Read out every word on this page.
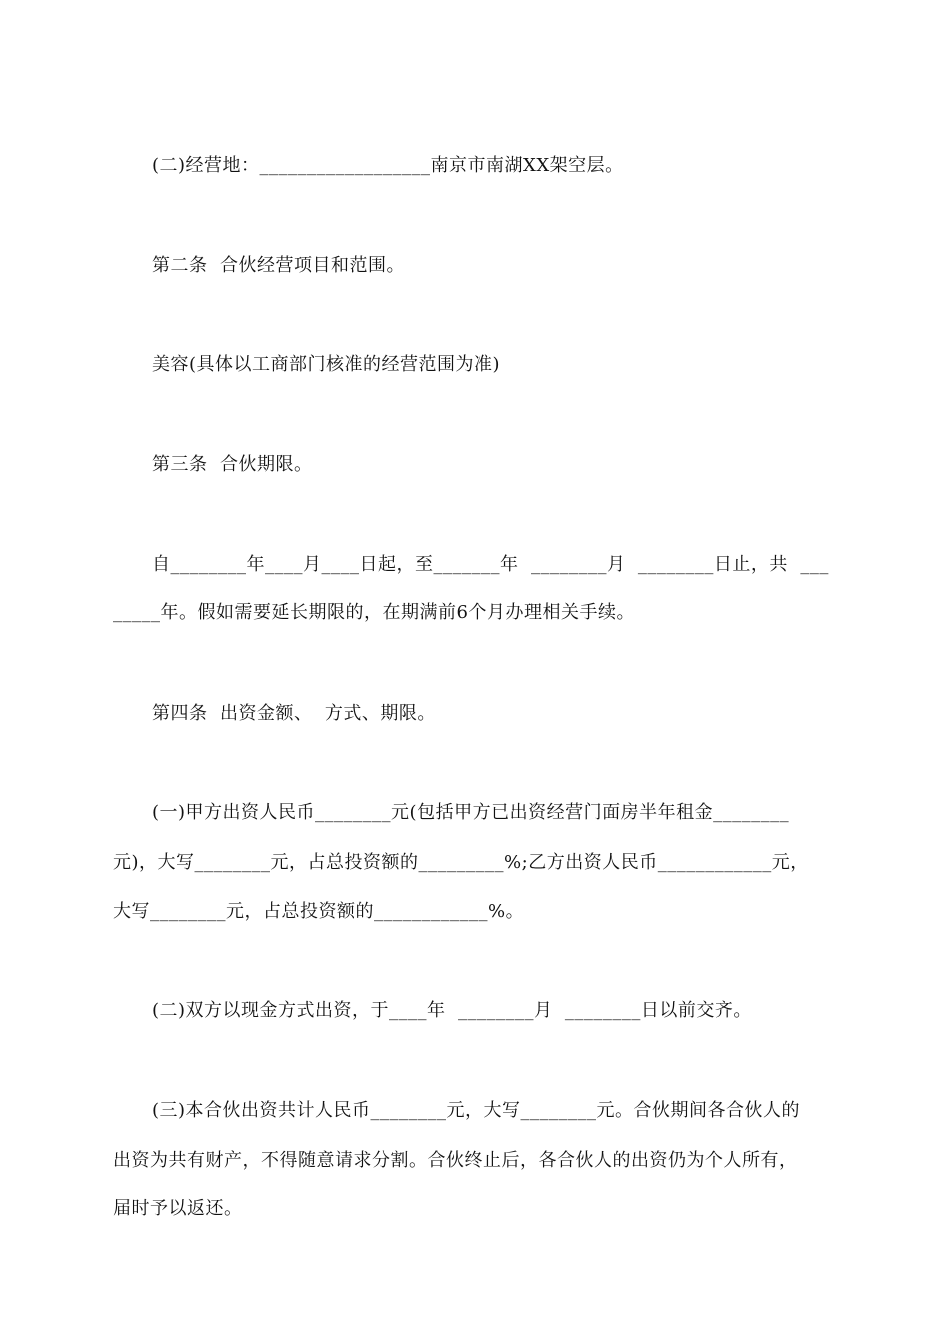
(二)经营地：__________________南京市南湖XX架空层。
第二条  合伙经营项目和范围。
美容(具体以工商部门核准的经营范围为准)
第三条  合伙期限。
自________年____月____日起，至_______年  ________月  ________日止，共  ___
_____年。假如需要延长期限的，在期满前6个月办理相关手续。
第四条  出资金额、  方式、期限。
(一)甲方出资人民币________元(包括甲方已出资经营门面房半年租金________
元)，大写________元，占总投资额的_________%;乙方出资人民币____________元，
大写________元，占总投资额的____________%。
(二)双方以现金方式出资，于____年  ________月  ________日以前交齐。
(三)本合伙出资共计人民币________元，大写________元。合伙期间各合伙人的
出资为共有财产，不得随意请求分割。合伙终止后，各合伙人的出资仍为个人所有，
届时予以返还。
